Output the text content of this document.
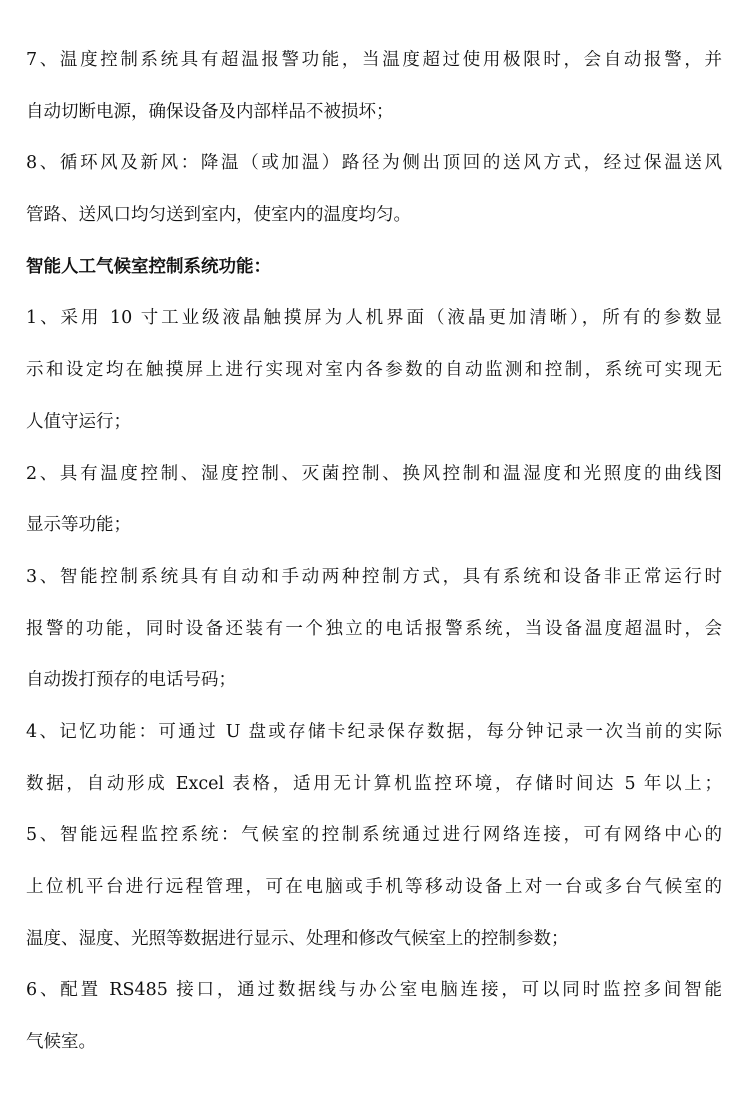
7、温度控制系统具有超温报警功能，当温度超过使用极限时，会自动报警，并
自动切断电源，确保设备及内部样品不被损坏；
8、循环风及新风：降温（或加温）路径为侧出顶回的送风方式，经过保温送风
管路、送风口均匀送到室内，使室内的温度均匀。
智能人工气候室控制系统功能：
1、采用 10 寸工业级液晶触摸屏为人机界面（液晶更加清晰），所有的参数显
示和设定均在触摸屏上进行实现对室内各参数的自动监测和控制，系统可实现无
人值守运行；
2、具有温度控制、湿度控制、灭菌控制、换风控制和温湿度和光照度的曲线图
显示等功能；
3、智能控制系统具有自动和手动两种控制方式，具有系统和设备非正常运行时
报警的功能，同时设备还装有一个独立的电话报警系统，当设备温度超温时，会
自动拨打预存的电话号码；
4、记忆功能：可通过 U 盘或存储卡纪录保存数据，每分钟记录一次当前的实际
数据，自动形成 Excel 表格，适用无计算机监控环境，存储时间达 5 年以上；
5、智能远程监控系统：气候室的控制系统通过进行网络连接，可有网络中心的
上位机平台进行远程管理，可在电脑或手机等移动设备上对一台或多台气候室的
温度、湿度、光照等数据进行显示、处理和修改气候室上的控制参数；
6、配置 RS485 接口，通过数据线与办公室电脑连接，可以同时监控多间智能
气候室。
